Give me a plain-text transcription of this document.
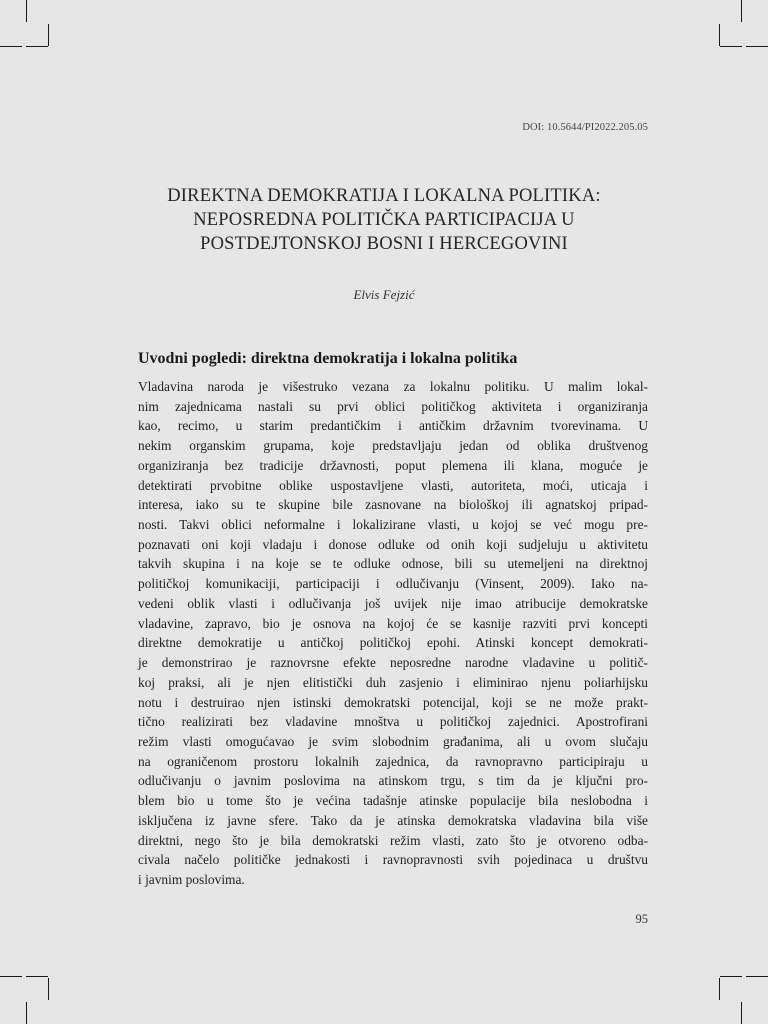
DOI: 10.5644/PI2022.205.05
DIREKTNA DEMOKRATIJA I LOKALNA POLITIKA:
NEPOSREDNA POLITIČKA PARTICIPACIJA U
POSTDEJTONSKOJ BOSNI I HERCEGOVINI
Elvis Fejzić
Uvodni pogledi: direktna demokratija i lokalna politika
Vladavina naroda je višestruko vezana za lokalnu politiku. U malim lokal-
nim zajednicama nastali su prvi oblici političkog aktiviteta i organiziranja
kao, recimo, u starim predantičkim i antičkim državnim tvorevinama. U
nekim organskim grupama, koje predstavljaju jedan od oblika društvenog
organiziranja bez tradicije državnosti, poput plemena ili klana, moguće je
detektirati prvobitne oblike uspostavljene vlasti, autoriteta, moći, uticaja i
interesa, iako su te skupine bile zasnovane na biološkoj ili agnatskoj pripad-
nosti. Takvi oblici neformalne i lokalizirane vlasti, u kojoj se već mogu pre-
poznavati oni koji vladaju i donose odluke od onih koji sudjeluju u aktivitetu
takvih skupina i na koje se te odluke odnose, bili su utemeljeni na direktnoj
političkoj komunikaciji, participaciji i odlučivanju (Vinsent, 2009). Iako na-
vedeni oblik vlasti i odlučivanja još uvijek nije imao atribucije demokratske
vladavine, zapravo, bio je osnova na kojoj će se kasnije razviti prvi koncepti
direktne demokratije u antičkoj političkoj epohi. Atinski koncept demokrati-
je demonstrirao je raznovrsne efekte neposredne narodne vladavine u politič-
koj praksi, ali je njen elitistički duh zasjenio i eliminirao njenu poliarhijsku
notu i destruirao njen istinski demokratski potencijal, koji se ne može prakt-
tično realizirati bez vladavine mnoštva u političkoj zajednici. Apostrofirani
režim vlasti omogućavao je svim slobodnim građanima, ali u ovom slučaju
na ograničenom prostoru lokalnih zajednica, da ravnopravno participiraju u
odlučivanju o javnim poslovima na atinskom trgu, s tim da je ključni pro-
blem bio u tome što je većina tadašnje atinske populacije bila neslobodna i
isključena iz javne sfere. Tako da je atinska demokratska vladavina bila više
direktni, nego što je bila demokratski režim vlasti, zato što je otvoreno odba-
civala načelo političke jednakosti i ravnopravnosti svih pojedinaca u društvu
i javnim poslovima.
95
